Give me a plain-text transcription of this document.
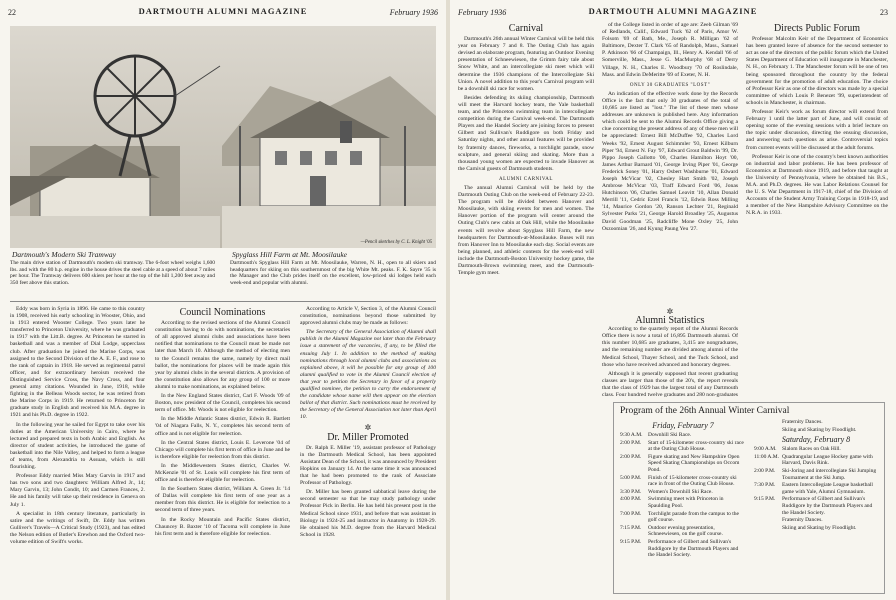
22	DARTMOUTH ALUMNI MAGAZINE	February 1936
—Pencil sketches by C. L. Knight '05
Dartmouth's Modern Ski Tramway
The main drive station of Dartmouth's modern ski tramway. The 6-foot wheel weighs 1,600 lbs. and with the 80 h.p. engine in the house drives the steel cable at a speed of about 7 miles per hour. The Tramway delivers 600 skiers per hour at the top of the hill 1,200 feet away and 350 feet above this station.
Spyglass Hill Farm at Mt. Moosilauke
Dartmouth's Spyglass Hill Farm at Mt. Moosilauke, Warren, N. H., open to all skiers and headquarters for skiing on this southernmost of the big White Mt. peaks. F. K. Sayre '35 is the Manager and the Club prides itself on the excellent, low-priced ski lodges held each week-end and popular with alumni.

Eddy was born in Syria in 1896. He came to this country in 1908, received his early schooling in Wooster, Ohio, and in 1913 entered Wooster College. Two years later he transferred to Princeton University, where he was graduated in 1917 with the Litt.B. degree. At Princeton he starred in basketball and was a member of Dial Lodge, upperclass club. After graduation he joined the Marine Corps, was assigned to the Second Division of the A. E. F., and rose to the rank of captain in 1918. He served as regimental patrol officer, and for extraordinary heroism received the Distinguished Service Cross, the Navy Cross, and four general army citations. Wounded in June, 1918, while fighting in the Belleau Woods sector, he was retired from the Marine Corps in 1919. He returned to Princeton for graduate study in English and received his M.A. degree in 1921 and his Ph.D. degree in 1922.

In the following year he sailed for Egypt to take over his duties at the American University in Cairo, where he lectured and prepared texts in both Arabic and English. As director of student activities, he introduced the game of basketball into the Nile Valley, and helped to form a league of teams, from Alexandria to Assuan, which is still flourishing.

Professor Eddy married Miss Mary Garvin in 1917 and has two sons and two daughters: William Alfred Jr., 14; Mary Garvin, 13; John Condit, 10; and Carmen Frances, 2. He and his family will take up their residence in Geneva on July 1.

A specialist in 18th century literature, particularly in satire and the writings of Swift, Dr. Eddy has written Gulliver's Travels—A Critical Study (1923), and has edited the Nelson edition of Butler's Erewhon and the Oxford two-volume edition of Swift's works.

Council Nominations

According to the revised sections of the Alumni Council constitution having to do with nominations, the secretaries of all approved alumni clubs and associations have been notified that nominations to the Council must be made not later than March 10. Although the method of electing men to the Council remains the same, namely by direct mail ballot, the nominations for places will be made again this year by alumni clubs in the several districts. A provision of the constitution also allows for any group of 100 or more alumni to make nominations, as explained below.

In the New England States district, Carl F. Woods '09 of Boston, now president of the Council, completes his second term of office. Mr. Woods is not eligible for reelection.

In the Middle Atlantic States district, Edwin R. Bartlett '04 of Niagara Falls, N. Y., completes his second term of office and is not eligible for reelection.

In the Central States district, Louis E. Leverone '04 of Chicago will complete his first term of office in June and he is therefore eligible for reelection from this district.

In the Middlewestern States district, Charles W. McKenzie '01 of St. Louis will complete his first term of office and is therefore eligible for reelection.

In the Southern States district, William A. Green Jr. '14 of Dallas will complete his first term of one year as a member from this district. He is eligible for reelection to a second term of three years.

In the Rocky Mountain and Pacific States district, Chauncey B. Baxter '10 of Tacoma will complete in June his first term and is therefore eligible for reelection.

According to Article V, Section 3, of the Alumni Council constitution, nominations beyond those submitted by approved alumni clubs may be made as follows:

The Secretary of the General Association of Alumni shall publish in the Alumni Magazine not later than the February issue a statement of the vacancies, if any, to be filled the ensuing July 1. In addition to the method of making nominations through local alumni clubs and associations as explained above, it will be possible for any group of 100 alumni qualified to vote in the Alumni Council election of that year to petition the Secretary in favor of a properly qualified nominee, the petition to carry the endorsement of the candidate whose name will then appear on the election ballot of that district. Such nominations must be received by the Secretary of the General Association not later than April 10.

✲
Dr. Miller Promoted

Dr. Ralph E. Miller '19, assistant professor of Pathology in the Dartmouth Medical School, has been appointed Assistant Dean of the School, it was announced by President Hopkins on January 14. At the same time it was announced that he had been promoted to the rank of Associate Professor of Pathology.

Dr. Miller has been granted sabbatical leave during the second semester so that he may study pathology under Professor Pick in Berlin. He has held his present post in the Medical School since 1931, and before that was assistant in Biology in 1924-25 and instructor in Anatomy in 1928-29. He obtained his M.D. degree from the Harvard Medical School in 1928.

February 1936	DARTMOUTH ALUMNI MAGAZINE	23
Carnival

Dartmouth's 26th annual Winter Carnival will be held this year on February 7 and 8. The Outing Club has again devised an elaborate program, featuring an Outdoor Evening presentation of Schneewiesen, the Grimm fairy tale about Snow White, and an intercollegiate ski meet which will determine the 1936 champions of the Intercollegiate Ski Union. A novel addition to this year's Carnival program will be a downhill ski race for women.

Besides defending its skiing championship, Dartmouth will meet the Harvard hockey team, the Yale basketball team, and the Princeton swimming team in intercollegiate competition during the Carnival week-end. The Dartmouth Players and the Handel Society are joining forces to present Gilbert and Sullivan's Ruddigore on both Friday and Saturday nights, and other annual features will be provided by fraternity dances, fireworks, a torchlight parade, snow sculpture, and general skiing and skating. More than a thousand young women are expected to invade Hanover as the Carnival guests of Dartmouth students.

ALUMNI CARNIVAL

The annual Alumni Carnival will be held by the Dartmouth Outing Club on the week-end of February 22-23. The program will be divided between Hanover and Moosilauke, with skiing events for men and women. The Hanover portion of the program will center around the Outing Club's new cabin at Oak Hill, while the Moosilauke events will revolve about Spyglass Hill Farm, the new headquarters for Dartmouth-at-Moosilauke. Buses will run from Hanover Inn to Moosilauke each day. Social events are being planned, and athletic contests for the week-end will include the Dartmouth-Boston University hockey game, the Dartmouth-Brown swimming meet, and the Dartmouth-Temple gym meet.

of the College listed in order of age are: Zeeb Gilman '69 of Redlands, Calif., Edward Tuck '62 of Paris, Amor W. Folsom '69 of Bath, Me., Joseph R. Milligan '62 of Baltimore, Dexter T. Clark '65 of Randolph, Mass., Samuel P. Atkinson '66 of Champaign, Ill., Henry A. Kendall '66 of Somerville, Mass., Jesse G. MacMurphy '68 of Derry Village, N. H., Charles E. Woodbury '70 of Roslindale, Mass. and Edwin DeMeritte '69 of Exeter, N. H.

ONLY 30 GRADUATES "LOST"

An indication of the effective work done by the Records Office is the fact that only 30 graduates of the total of 10,685 are listed as "lost." The list of these men whose addresses are unknown is published here. Any information which could be sent to the Alumni Records Office giving a clue concerning the present address of any of these men will be appreciated: Ernest Bill McDuffee '92, Charles Lord Weeks '92, Ernest August Schimmler '93, Ernest Kilburn Piper '94, Ernest N. Fay '97, Edward Grout Baldwin '99, Dr. Pippo Joseph Gallotto '00, Charles Hamilton Hoyt '00, James Arthur Barnard '01, George Irving Piper '01, George Frederick Soney '01, Harry Osbert Washburne '01, Edward Joseph McVicar '02, Chesley Hart Smith '02, Joseph Ambrose McVicar '03, Traff Edward Ford '06, Jonas Hutchinson '06, Charles Samuel Leavitt '10, Allan Donald Merrill '11, Cedric Ezrel Francis '12, Edwin Ross Milling '14, Maurice Gordon '20, Ranson Lechter '21, Reginald Sylvester Parks '21, George Harold Broadley '25, Augustus David Goodman '25, Radcliffe Mone Oxley '25, John Oszoomian '26, and Kyung Paung Yeu '27.

Directs Public Forum

Professor Malcolm Keir of the Department of Economics has been granted leave of absence for the second semester to act as one of the directors of the public forum which the United States Department of Education will inaugurate in Manchester, N. H., on February 1. The Manchester forum will be one of ten being sponsored throughout the country by the federal government for the promotion of adult education. The choice of Professor Keir as one of the directors was made by a special committee of which Louis P. Benezet '99, superintendent of schools in Manchester, is chairman.

Professor Keir's work as forum director will extend from February 1 until the latter part of June, and will consist of opening some of the evening sessions with a brief lecture on the topic under discussion, directing the ensuing discussion, and answering such questions as arise. Controversial topics from current events will be discussed at the adult forums.

Professor Keir is one of the country's best known authorities on industrial and labor problems. He has been professor of Economics at Dartmouth since 1919, and before that taught at the University of Pennsylvania, where he obtained his B.S., M.A. and Ph.D. degrees. He was Labor Relations Counsel for the U. S. War Department in 1917-18, chief of the Division of Accounts of the Student Army Training Corps in 1918-19, and a member of the New Hampshire Advisory Committee on the N.R.A. in 1933.

Program of the 26th Annual Winter Carnival
Friday, February 7
9:30 A.M.	Downhill Ski Race.
2:00 P.M.	Start of 15-kilometer cross-country ski race at the Outing Club House.
2:00 P.M.	Figure skating and New Hampshire Open Speed Skating Championships on Occom Pond.
5:00 P.M.	Finish of 15-kilometer cross-country ski race in front of the Outing Club House.
3:30 P.M.	Women's Downhill Ski Race.
4:00 P.M.	Swimming meet with Princeton in Spaulding Pool.
7:00 P.M.	Torchlight parade from the campus to the golf course.
7:15 P.M.	Outdoor evening presentation, Schneewiesen, on the golf course.
9:15 P.M.	Performance of Gilbert and Sullivan's Ruddigore by the Dartmouth Players and the Handel Society.
Fraternity Dances.
Skiing and Skating by Floodlight.
Saturday, February 8
9:00 A.M.	Slalom Races on Oak Hill.
11:00 A.M. Quadrangular League Hockey game with Harvard, Davis Rink.
2:00 P.M.	Ski-Joring and intercollegiate Ski Jumping Tournament at the Ski Jump.
7:30 P.M.	Eastern Intercollegiate League basketball game with Yale, Alumni Gymnasium.
9:15 P.M.	Performance of Gilbert and Sullivan's Ruddigore by the Dartmouth Players and the Handel Society.
Fraternity Dances.
Skiing and Skating by Floodlight.
✲
Alumni Statistics

According to the quarterly report of the Alumni Records Office there is now a total of 16,895 Dartmouth alumni. Of this number 10,685 are graduates, 3,415 are nongraduates, and the remaining number are divided among alumni of the Medical School, Thayer School, and the Tuck School, and those who have received advanced and honorary degrees.

Although it is generally supposed that recent graduating classes are larger than those of the 20's, the report reveals that the class of 1929 has the largest total of any Dartmouth class. Four hundred twelve graduates and 280 non-graduates
